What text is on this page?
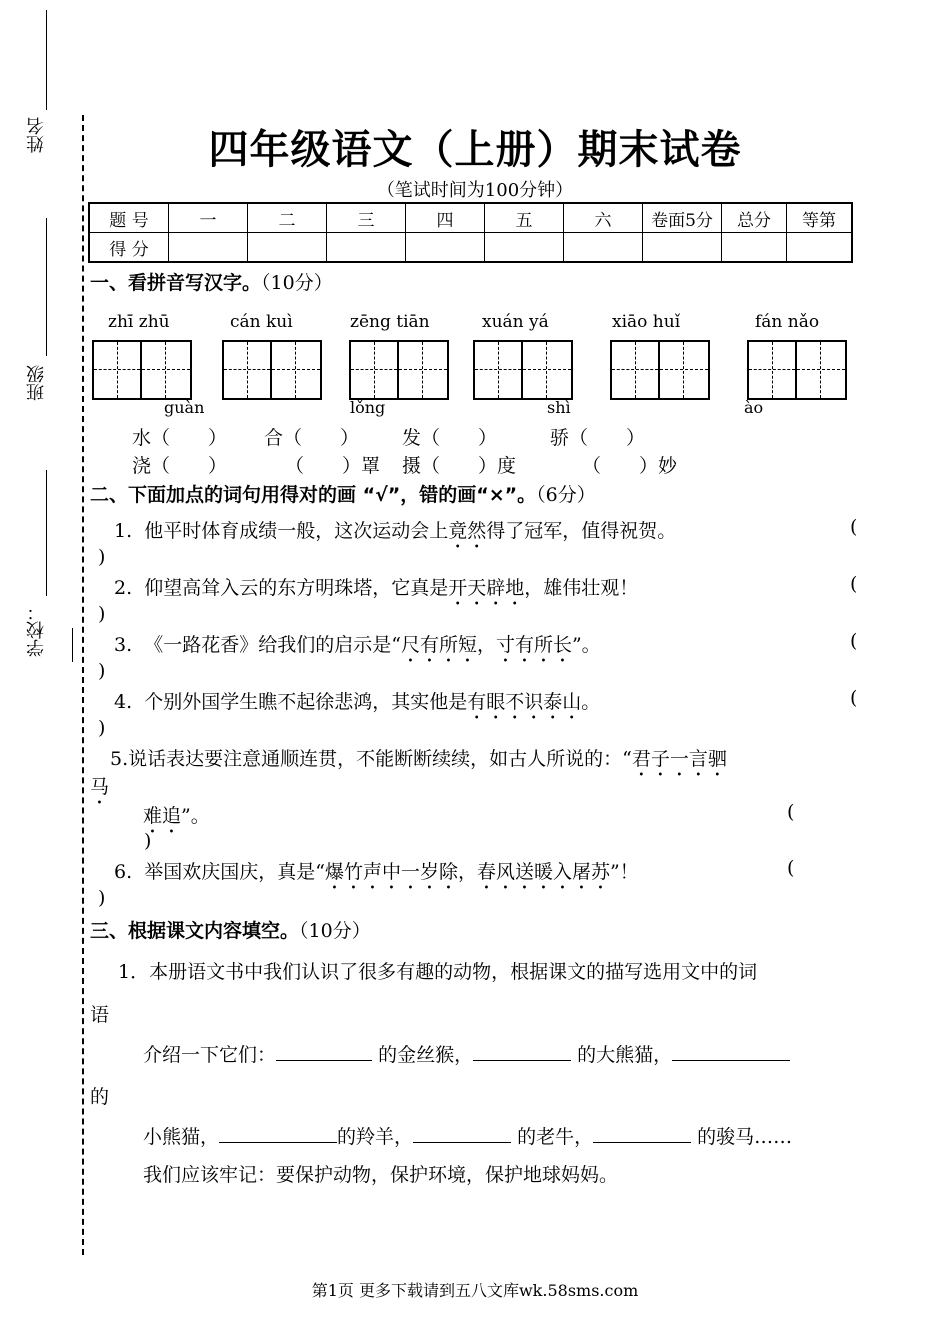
姓名
班级
学校：
四年级语文（上册）期末试卷
（笔试时间为100分钟）
题 号	一	二	三	四	五	六	卷面5分	总分	等第
得 分									
一、看拼音写汉字。（10分）
zhī zhū	cán kuì	zēng tiān	xuán yá	xiāo huǐ	fán nǎo
guàn	lǒng	shì	ào
水（　　） 合（　　） 发（　　）	骄（　　）
浇（　　）	（　　）罩 摄（　　）度	（　　）妙
二、下面加点的词句用得对的画 “√”，错的画“×”。（6分）
1. 他平时体育成绩一般，这次运动会上竟然得了冠军，值得祝贺。	(
)
2. 仰望高耸入云的东方明珠塔，它真是开天辟地，雄伟壮观！	(
)
3. 《一路花香》给我们的启示是“尺有所短，寸有所长”。	(
)
4. 个别外国学生瞧不起徐悲鸿，其实他是有眼不识泰山。	(
)
5.说话表达要注意通顺连贯，不能断断续续，如古人所说的：“君子一言驷
马
难追”。	(
)
6. 举国欢庆国庆，真是“爆竹声中一岁除，春风送暖入屠苏”！	(
)
三、根据课文内容填空。（10分）
1．本册语文书中我们认识了很多有趣的动物，根据课文的描写选用文中的词
语
介绍一下它们：	的金丝猴，	的大熊猫，
的
小熊猫，	的羚羊，	的老牛，	的骏马……
我们应该牢记：要保护动物，保护环境，保护地球妈妈。
第1页 更多下载请到五八文库wk.58sms.com
